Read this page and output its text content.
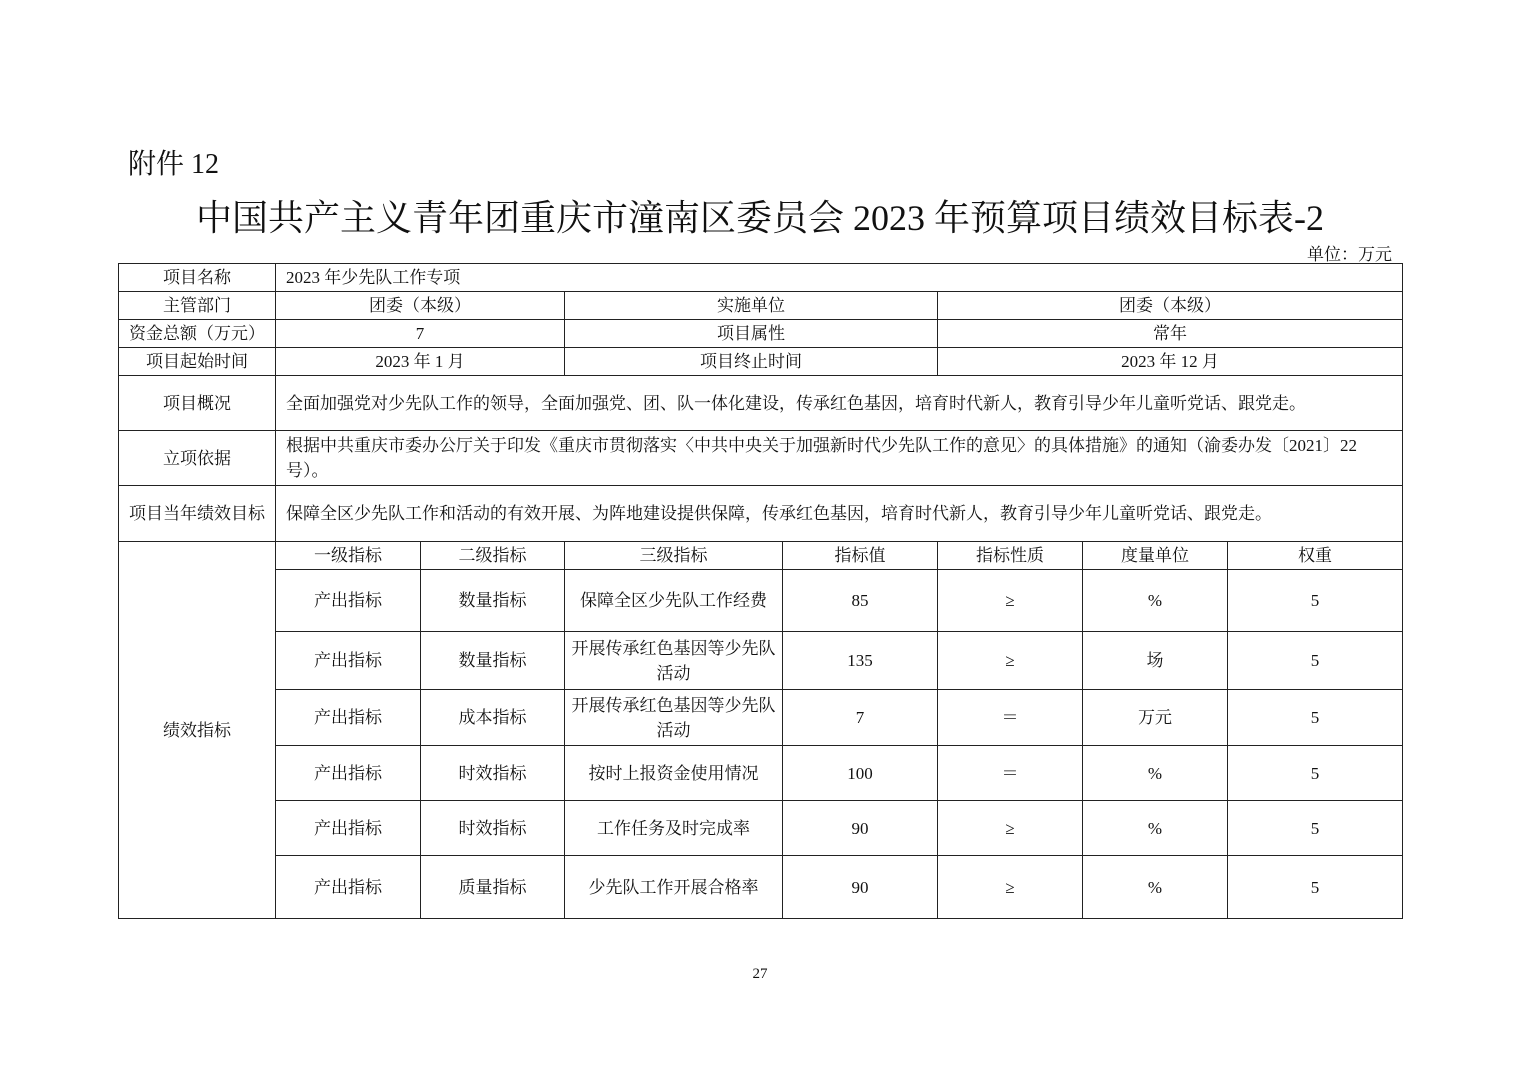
附件 12
中国共产主义青年团重庆市潼南区委员会 2023 年预算项目绩效目标表-2
单位：万元
项目名称	2023 年少先队工作专项						
主管部门	团委（本级）		实施单位		团委（本级）		
资金总额（万元）	7		项目属性		常年		
项目起始时间	2023 年 1 月		项目终止时间		2023 年 12 月		
项目概况	全面加强党对少先队工作的领导，全面加强党、团、队一体化建设，传承红色基因，培育时代新人，教育引导少年儿童听党话、跟党走。						
立项依据	根据中共重庆市委办公厅关于印发《重庆市贯彻落实〈中共中央关于加强新时代少先队工作的意见〉的具体措施》的通知（渝委办发〔2021〕22 号）。						
项目当年绩效目标	保障全区少先队工作和活动的有效开展、为阵地建设提供保障，传承红色基因，培育时代新人，教育引导少年儿童听党话、跟党走。						
绩效指标	一级指标	二级指标	三级指标	指标值	指标性质	度量单位	权重
	产出指标	数量指标	保障全区少先队工作经费	85	≥	%	5
	产出指标	数量指标	开展传承红色基因等少先队活动	135	≥	场	5
	产出指标	成本指标	开展传承红色基因等少先队活动	7	＝	万元	5
	产出指标	时效指标	按时上报资金使用情况	100	＝	%	5
	产出指标	时效指标	工作任务及时完成率	90	≥	%	5
	产出指标	质量指标	少先队工作开展合格率	90	≥	%	5
27
